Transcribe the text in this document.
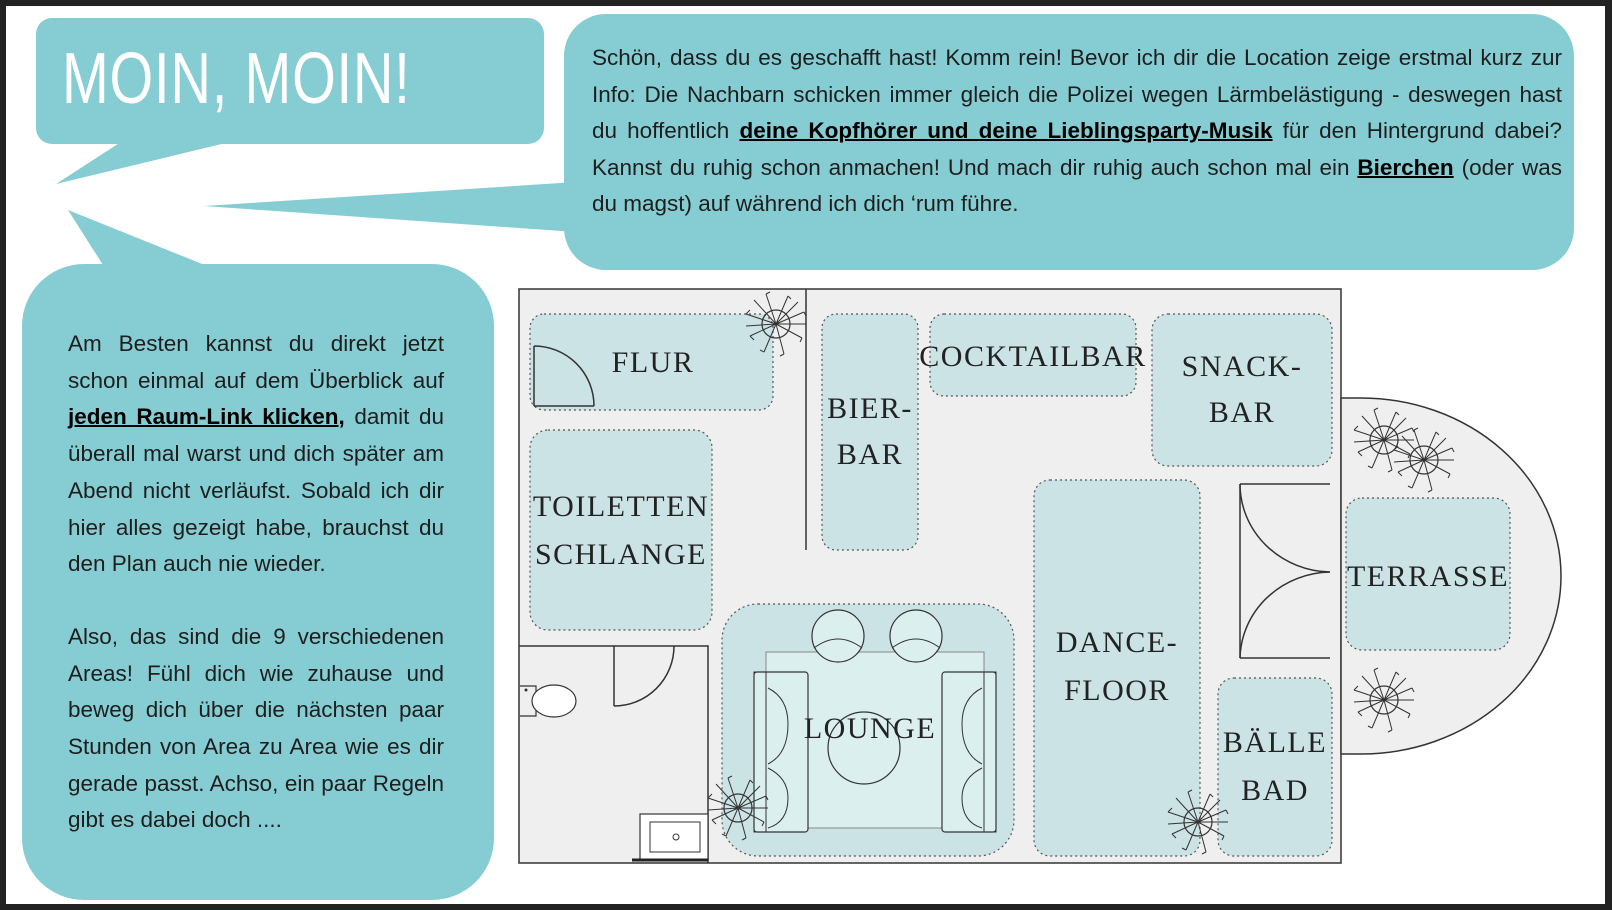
MOIN, MOIN!	Schön, dass du es geschafft hast! Komm rein! Bevor ich dir die Location zeige erstmal kurz zur Info: Die Nachbarn schicken immer gleich die Polizei wegen Lärmbelästigung - deswegen hast du hoffentlich deine Kopfhörer und deine Lieblingsparty-Musik für den Hintergrund dabei? Kannst du ruhig schon anmachen! Und mach dir ruhig auch schon mal ein Bierchen (oder was du magst) auf während ich dich ‘rum führe.

Am Besten kannst du direkt jetzt schon einmal auf dem Überblick auf jeden Raum-Link klicken, damit du überall mal warst und dich später am Abend nicht verläufst. Sobald ich dir hier alles gezeigt habe, brauchst du den Plan auch nie wieder.

Also, das sind die 9 verschiedenen Areas! Fühl dich wie zuhause und beweg dich über die nächsten paar Stunden von Area zu Area wie es dir gerade passt. Achso, ein paar Regeln gibt es dabei doch ....

FLUR
BIER-
BAR
COCKTAILBAR SNACK-
BAR
TOILETTEN
SCHLANGE
LOUNGE
DANCE-
FLOOR
BÄLLE
BAD
TERRASSE
